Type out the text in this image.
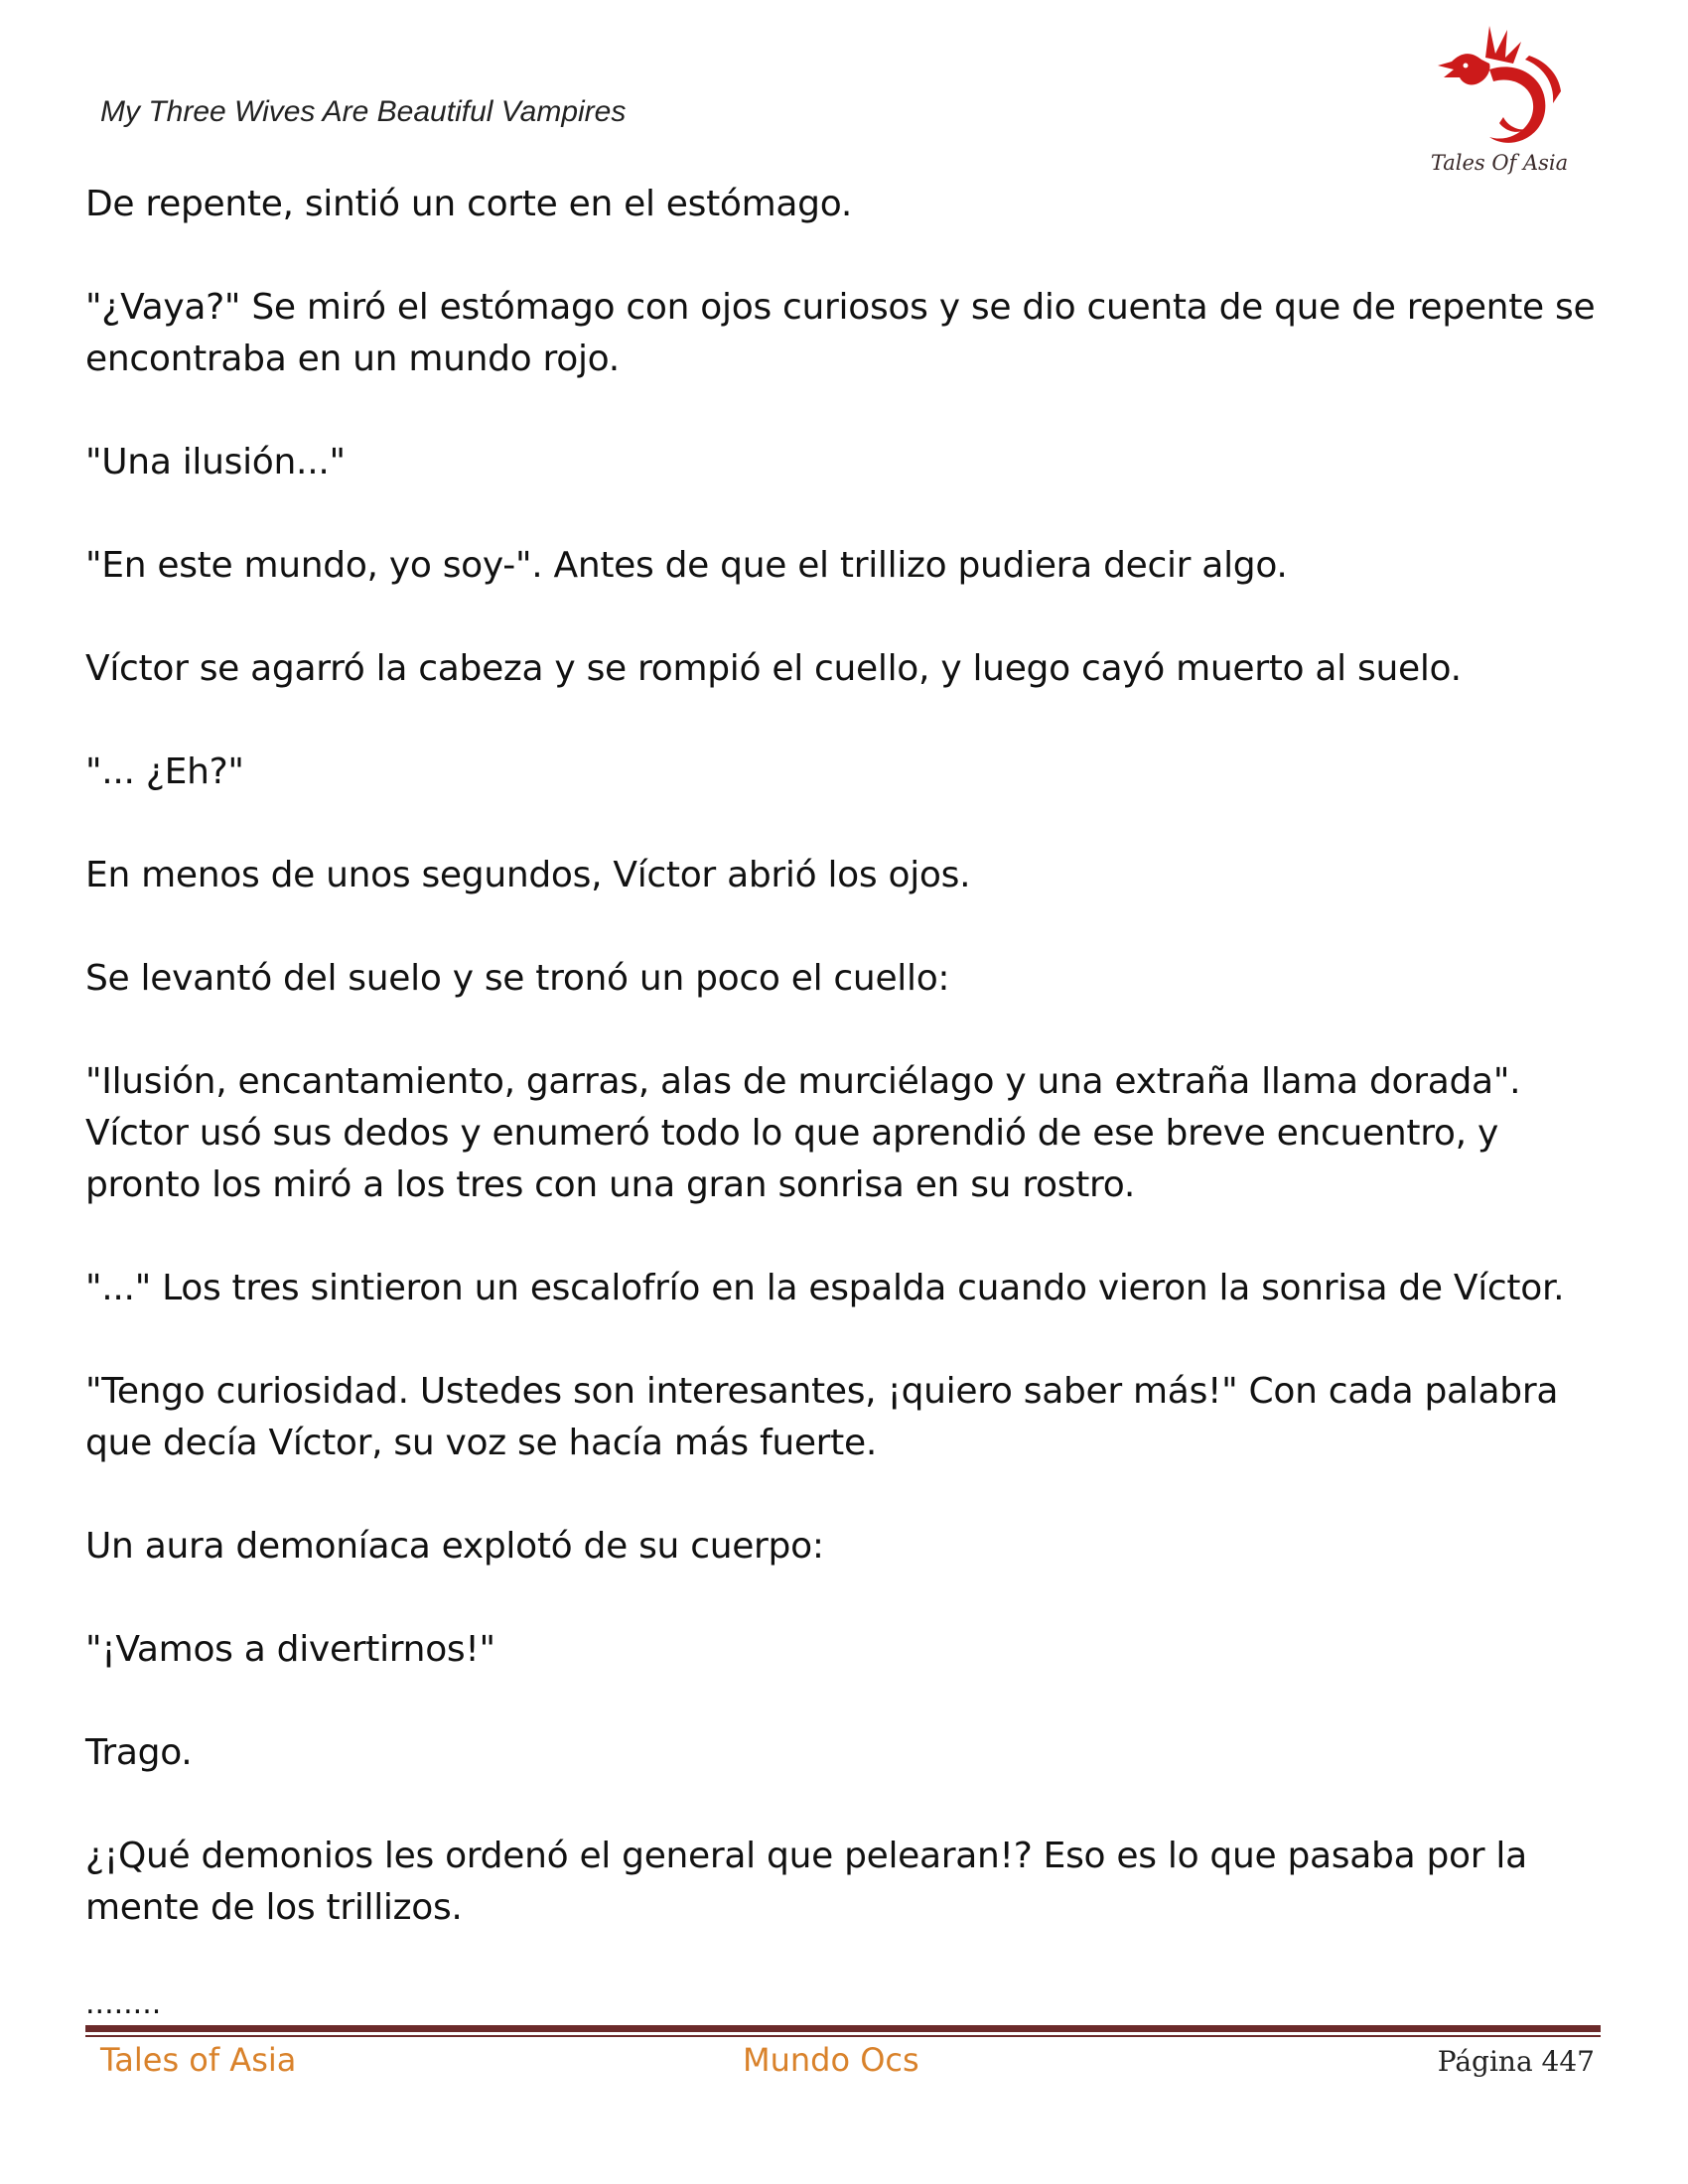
My Three Wives Are Beautiful Vampires
Tales Of Asia

De repente, sintió un corte en el estómago.

"¿Vaya?" Se miró el estómago con ojos curiosos y se dio cuenta de que de repente se encontraba en un mundo rojo.

"Una ilusión..."

"En este mundo, yo soy-". Antes de que el trillizo pudiera decir algo.

Víctor se agarró la cabeza y se rompió el cuello, y luego cayó muerto al suelo.

"... ¿Eh?"

En menos de unos segundos, Víctor abrió los ojos.

Se levantó del suelo y se tronó un poco el cuello:

"Ilusión, encantamiento, garras, alas de murciélago y una extraña llama dorada". Víctor usó sus dedos y enumeró todo lo que aprendió de ese breve encuentro, y pronto los miró a los tres con una gran sonrisa en su rostro.

"..." Los tres sintieron un escalofrío en la espalda cuando vieron la sonrisa de Víctor.

"Tengo curiosidad. Ustedes son interesantes, ¡quiero saber más!" Con cada palabra que decía Víctor, su voz se hacía más fuerte.

Un aura demoníaca explotó de su cuerpo:

"¡Vamos a divertirnos!"

Trago.

¿¡Qué demonios les ordenó el general que pelearan!? Eso es lo que pasaba por la mente de los trillizos.

........
Tales of Asia	Mundo Ocs	Página 447
